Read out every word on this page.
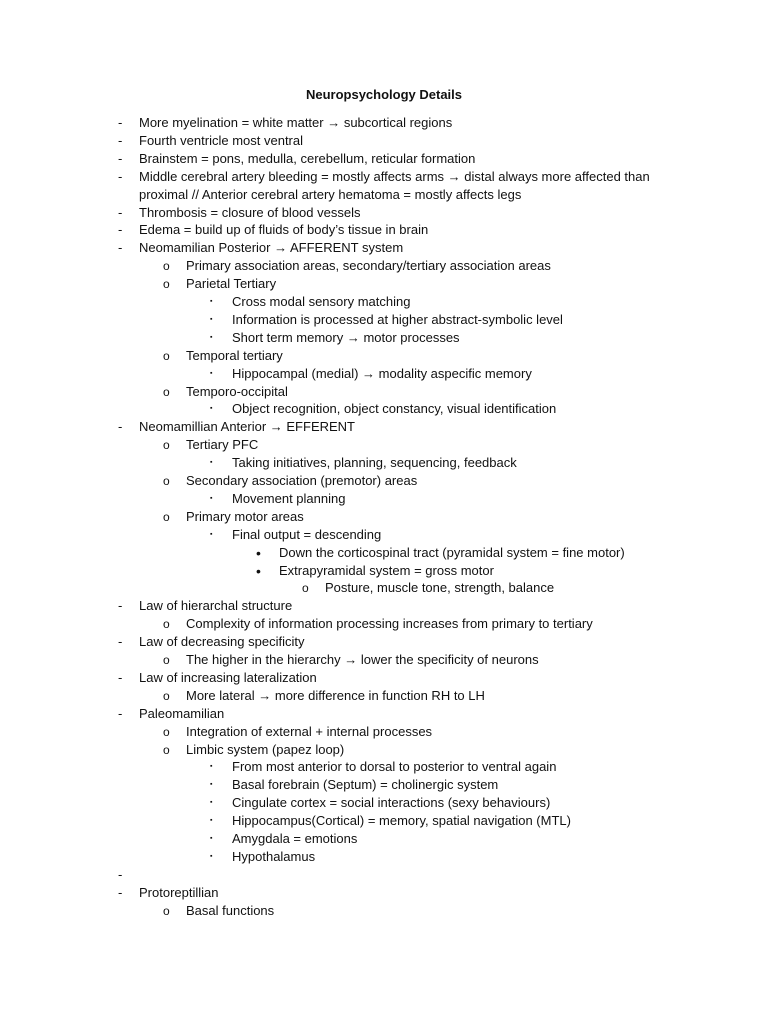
Neuropsychology Details
- More myelination = white matter → subcortical regions
- Fourth ventricle most ventral
- Brainstem = pons, medulla, cerebellum, reticular formation
- Middle cerebral artery bleeding = mostly affects arms → distal always more affected than
proximal // Anterior cerebral artery hematoma = mostly affects legs
- Thrombosis = closure of blood vessels
- Edema = build up of fluids of body’s tissue in brain
- Neomamilian Posterior → AFFERENT system
o Primary association areas, secondary/tertiary association areas
o Parietal Tertiary
▪ Cross modal sensory matching
▪ Information is processed at higher abstract-symbolic level
▪ Short term memory → motor processes
o Temporal tertiary
▪ Hippocampal (medial) → modality aspecific memory
o Temporo-occipital
▪ Object recognition, object constancy, visual identification
- Neomamillian Anterior → EFFERENT
o Tertiary PFC
▪ Taking initiatives, planning, sequencing, feedback
o Secondary association (premotor) areas
▪ Movement planning
o Primary motor areas
▪ Final output = descending
• Down the corticospinal tract (pyramidal system = fine motor)
• Extrapyramidal system = gross motor
o Posture, muscle tone, strength, balance
- Law of hierarchal structure
o Complexity of information processing increases from primary to tertiary
- Law of decreasing specificity
o The higher in the hierarchy → lower the specificity of neurons
- Law of increasing lateralization
o More lateral → more difference in function RH to LH
- Paleomamilian
o Integration of external + internal processes
o Limbic system (papez loop)
▪ From most anterior to dorsal to posterior to ventral again
▪ Basal forebrain (Septum) = cholinergic system
▪ Cingulate cortex = social interactions (sexy behaviours)
▪ Hippocampus(Cortical) = memory, spatial navigation (MTL)
▪ Amygdala = emotions
▪ Hypothalamus
-
- Protoreptillian
o Basal functions
